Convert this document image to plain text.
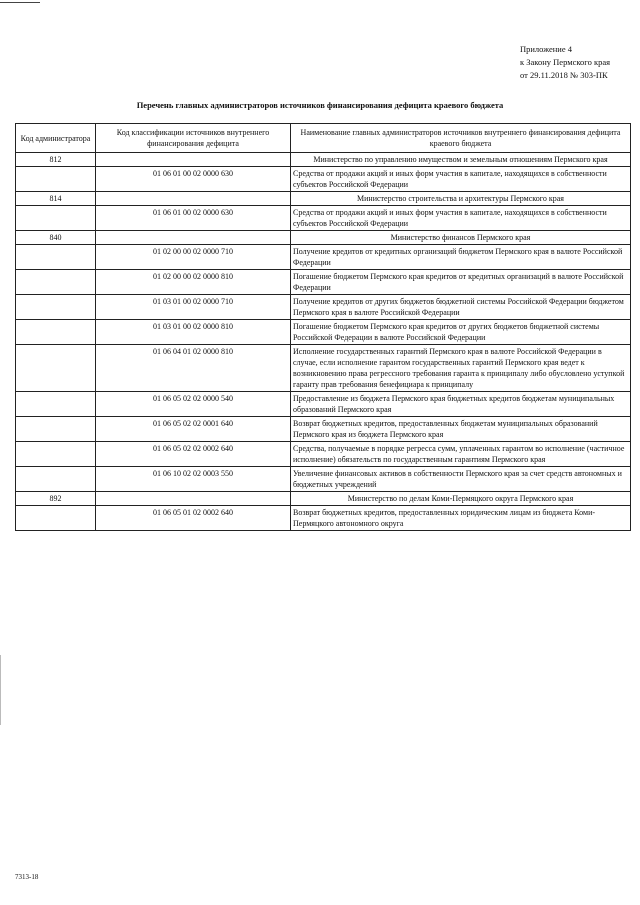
Приложение 4
к Закону Пермского края
от 29.11.2018 № 303-ПК
Перечень главных администраторов источников финансирования дефицита краевого бюджета
Код администратора	Код классификации источников внутреннего финансирования дефицита	Наименование главных администраторов источников внутреннего финансирования дефицита краевого бюджета
812		Министерство по управлению имуществом и земельным отношениям Пермского края
	01 06 01 00 02 0000 630	Средства от продажи акций и иных форм участия в капитале, находящихся в собственности субъектов Российской Федерации
814		Министерство строительства и архитектуры Пермского края
	01 06 01 00 02 0000 630	Средства от продажи акций и иных форм участия в капитале, находящихся в собственности субъектов Российской Федерации
840		Министерство финансов Пермского края
	01 02 00 00 02 0000 710	Получение кредитов от кредитных организаций бюджетом Пермского края в валюте Российской Федерации
	01 02 00 00 02 0000 810	Погашение бюджетом Пермского края кредитов от кредитных организаций в валюте Российской Федерации
	01 03 01 00 02 0000 710	Получение кредитов от других бюджетов бюджетной системы Российской Федерации бюджетом Пермского края в валюте Российской Федерации
	01 03 01 00 02 0000 810	Погашение бюджетом Пермского края кредитов от других бюджетов бюджетной системы Российской Федерации в валюте Российской Федерации
	01 06 04 01 02 0000 810	Исполнение государственных гарантий Пермского края в валюте Российской Федерации в случае, если исполнение гарантом государственных гарантий Пермского края ведет к возникновению права регрессного требования гаранта к принципалу либо обусловлено уступкой гаранту прав требования бенефициара к принципалу
	01 06 05 02 02 0000 540	Предоставление из бюджета Пермского края бюджетных кредитов бюджетам муниципальных образований Пермского края
	01 06 05 02 02 0001 640	Возврат бюджетных кредитов, предоставленных бюджетам муниципальных образований Пермского края из бюджета Пермского края
	01 06 05 02 02 0002 640	Средства, получаемые в порядке регресса сумм, уплаченных гарантом во исполнение (частичное исполнение) обязательств по государственным гарантиям Пермского края
	01 06 10 02 02 0003 550	Увеличение финансовых активов в собственности Пермского края за счет средств автономных и бюджетных учреждений
892		Министерство по делам Коми-Пермяцкого округа Пермского края
	01 06 05 01 02 0002 640	Возврат бюджетных кредитов, предоставленных юридическим лицам из бюджета Коми-Пермяцкого автономного округа
7313-18
